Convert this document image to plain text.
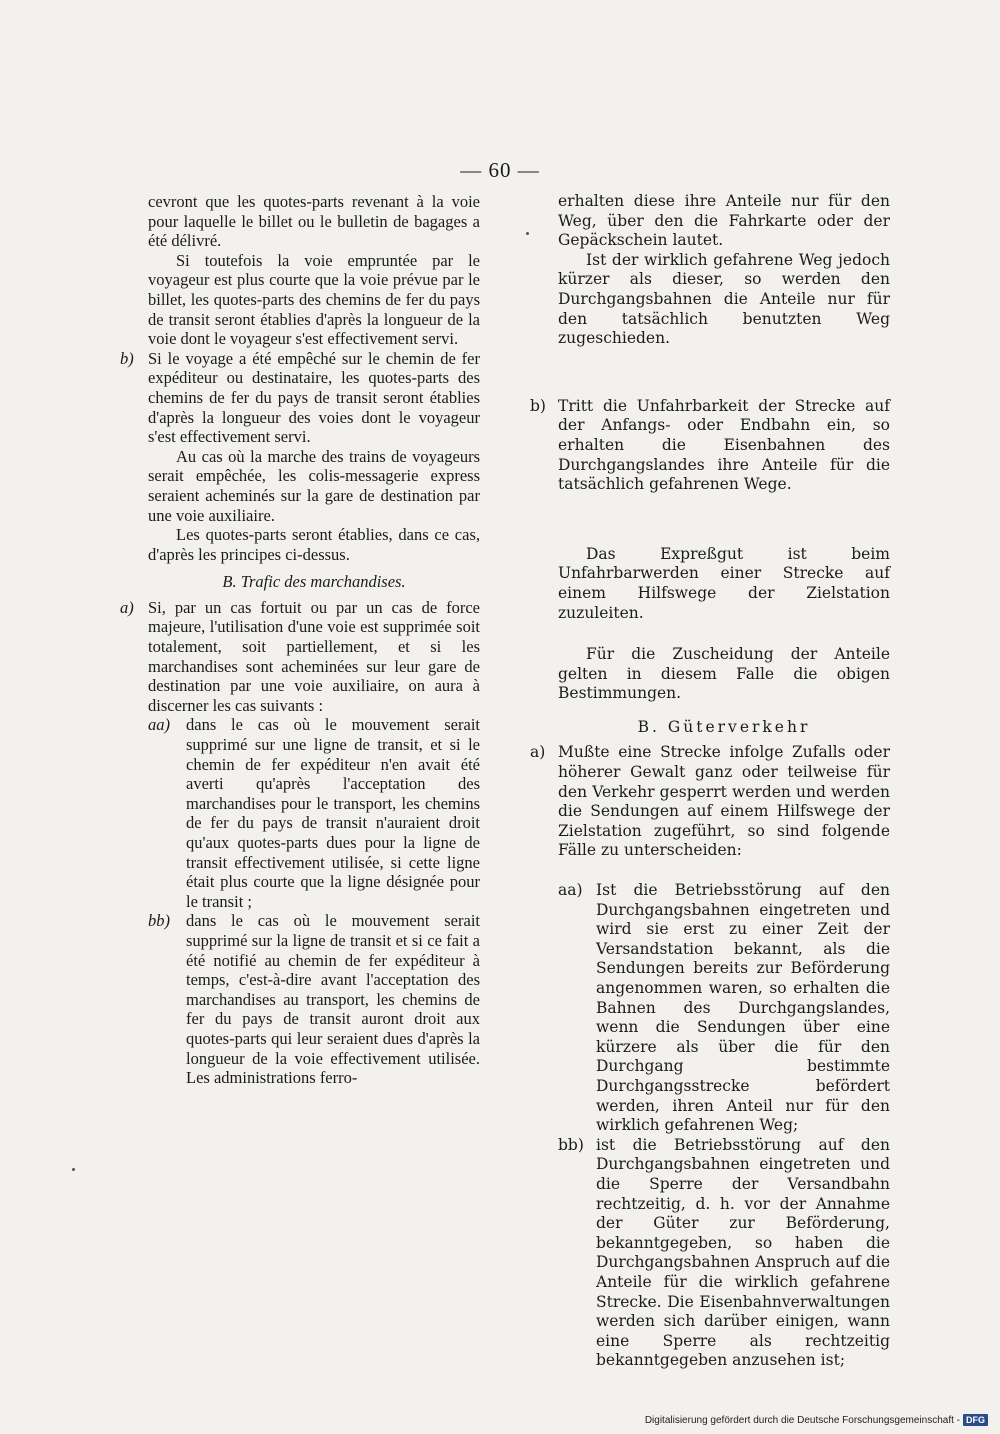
— 60 —

cevront que les quotes-parts revenant à la voie pour laquelle le billet ou le bulletin de bagages a été délivré.

Si toutefois la voie empruntée par le voyageur est plus courte que la voie prévue par le billet, les quotes-parts des chemins de fer du pays de transit seront établies d'après la longueur de la voie dont le voyageur s'est effectivement servi.

b) Si le voyage a été empêché sur le chemin de fer expéditeur ou destinataire, les quotes-parts des chemins de fer du pays de transit seront établies d'après la longueur des voies dont le voyageur s'est effectivement servi.

Au cas où la marche des trains de voyageurs serait empêchée, les colis-messagerie express seraient acheminés sur la gare de destination par une voie auxiliaire.

Les quotes-parts seront établies, dans ce cas, d'après les principes ci-dessus.

B. Trafic des marchandises.

a) Si, par un cas fortuit ou par un cas de force majeure, l'utilisation d'une voie est supprimée soit totalement, soit partiellement, et si les marchandises sont acheminées sur leur gare de destination par une voie auxiliaire, on aura à discerner les cas suivants :

aa) dans le cas où le mouvement serait supprimé sur une ligne de transit, et si le chemin de fer expéditeur n'en avait été averti qu'après l'acceptation des marchandises pour le transport, les chemins de fer du pays de transit n'auraient droit qu'aux quotes-parts dues pour la ligne de transit effectivement utilisée, si cette ligne était plus courte que la ligne désignée pour le transit ;

bb) dans le cas où le mouvement serait supprimé sur la ligne de transit et si ce fait a été notifié au chemin de fer expéditeur à temps, c'est-à-dire avant l'acceptation des marchandises au transport, les chemins de fer du pays de transit auront droit aux quotes-parts qui leur seraient dues d'après la longueur de la voie effectivement utilisée. Les administrations ferro-

erhalten diese ihre Anteile nur für den Weg, über den die Fahrkarte oder der Gepäckschein lautet.

Ist der wirklich gefahrene Weg jedoch kürzer als dieser, so werden den Durchgangsbahnen die Anteile nur für den tatsächlich benutzten Weg zugeschieden.

b) Tritt die Unfahrbarkeit der Strecke auf der Anfangs- oder Endbahn ein, so erhalten die Eisenbahnen des Durchgangslandes ihre Anteile für die tatsächlich gefahrenen Wege.

Das Expreßgut ist beim Unfahrbarwerden einer Strecke auf einem Hilfswege der Zielstation zuzuleiten.

Für die Zuscheidung der Anteile gelten in diesem Falle die obigen Bestimmungen.

B. Güterverkehr

a) Mußte eine Strecke infolge Zufalls oder höherer Gewalt ganz oder teilweise für den Verkehr gesperrt werden und werden die Sendungen auf einem Hilfswege der Zielstation zugeführt, so sind folgende Fälle zu unterscheiden:

aa) Ist die Betriebsstörung auf den Durchgangsbahnen eingetreten und wird sie erst zu einer Zeit der Versandstation bekannt, als die Sendungen bereits zur Beförderung angenommen waren, so erhalten die Bahnen des Durchgangslandes, wenn die Sendungen über eine kürzere als über die für den Durchgang bestimmte Durchgangsstrecke befördert werden, ihren Anteil nur für den wirklich gefahrenen Weg;

bb) ist die Betriebsstörung auf den Durchgangsbahnen eingetreten und die Sperre der Versandbahn rechtzeitig, d. h. vor der Annahme der Güter zur Beförderung, bekanntgegeben, so haben die Durchgangsbahnen Anspruch auf die Anteile für die wirklich gefahrene Strecke. Die Eisenbahnverwaltungen werden sich darüber einigen, wann eine Sperre als rechtzeitig bekanntgegeben anzusehen ist;

Digitalisierung gefördert durch die Deutsche Forschungsgemeinschaft - DFG
